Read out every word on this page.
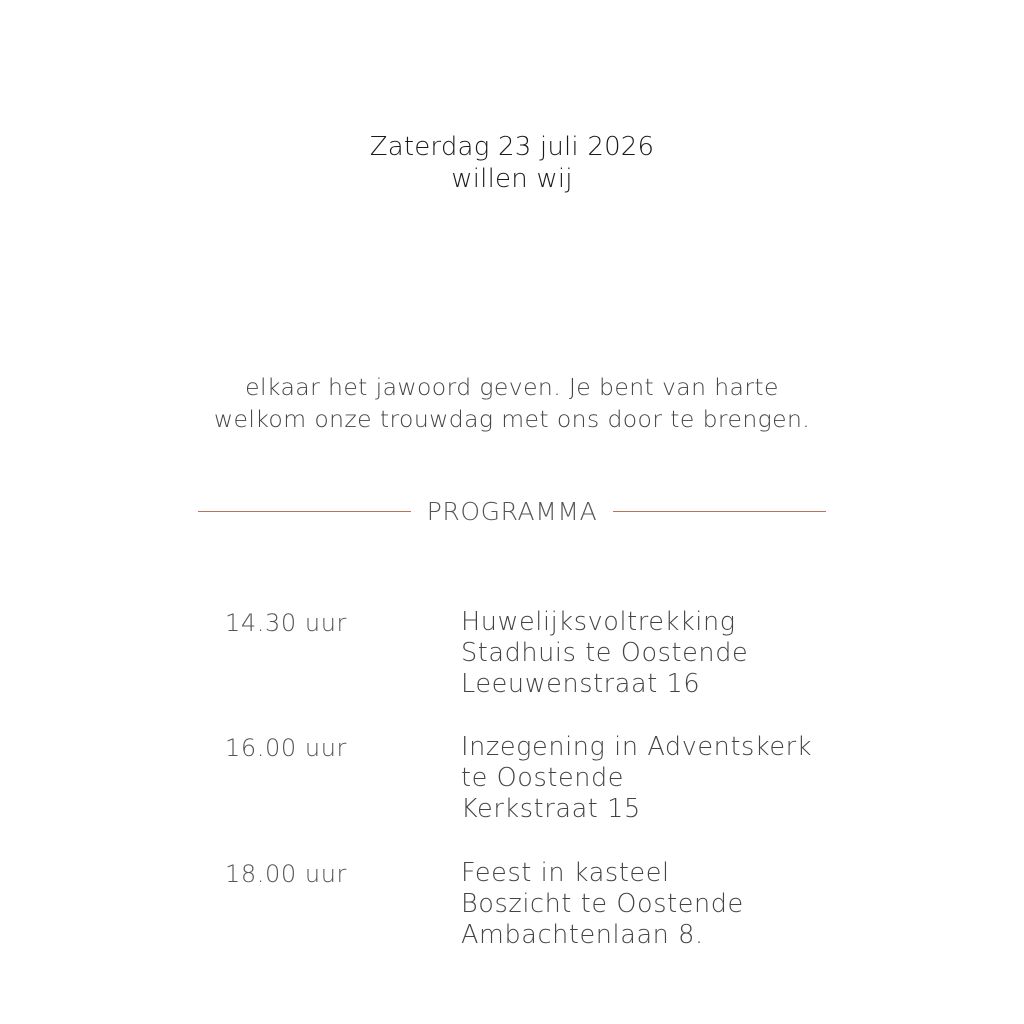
Zaterdag 23 juli 2026
willen wij
elkaar het jawoord geven. Je bent van harte
welkom onze trouwdag met ons door te brengen.
PROGRAMMA
14.30 uur	Huwelijksvoltrekking
Stadhuis te Oostende
Leeuwenstraat 16
16.00 uur	Inzegening in Adventskerk
te Oostende
Kerkstraat 15
18.00 uur	Feest in kasteel
Boszicht te Oostende
Ambachtenlaan 8.
